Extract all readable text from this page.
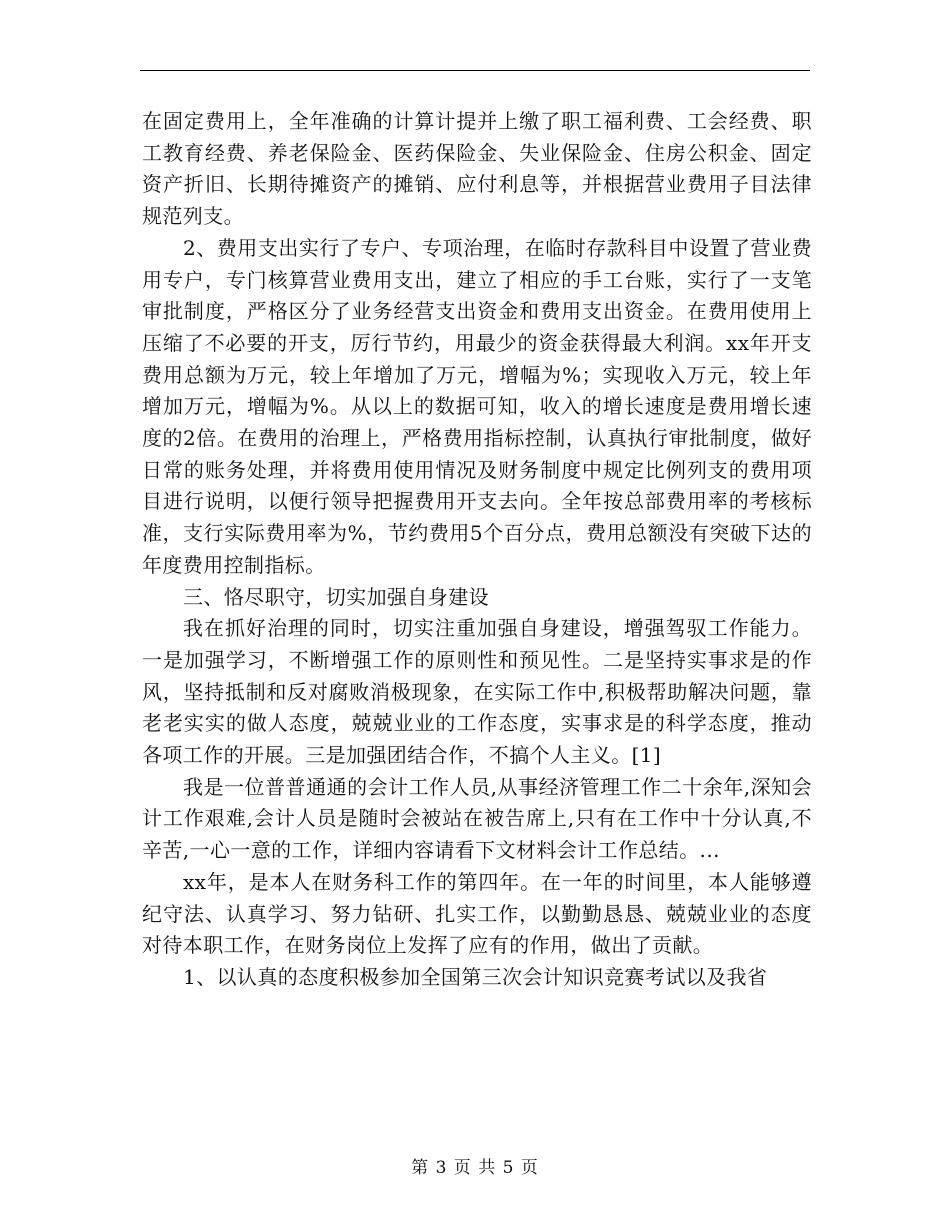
在固定费用上，全年准确的计算计提并上缴了职工福利费、工会经费、职工教育经费、养老保险金、医药保险金、失业保险金、住房公积金、固定资产折旧、长期待摊资产的摊销、应付利息等，并根据营业费用子目法律规范列支。

2、费用支出实行了专户、专项治理，在临时存款科目中设置了营业费用专户，专门核算营业费用支出，建立了相应的手工台账，实行了一支笔审批制度，严格区分了业务经营支出资金和费用支出资金。在费用使用上压缩了不必要的开支，厉行节约，用最少的资金获得最大利润。xx年开支费用总额为万元，较上年增加了万元，增幅为%；实现收入万元，较上年增加万元，增幅为%。从以上的数据可知，收入的增长速度是费用增长速度的2倍。在费用的治理上，严格费用指标控制，认真执行审批制度，做好日常的账务处理，并将费用使用情况及财务制度中规定比例列支的费用项目进行说明，以便行领导把握费用开支去向。全年按总部费用率的考核标准，支行实际费用率为%，节约费用5个百分点，费用总额没有突破下达的年度费用控制指标。

三、恪尽职守，切实加强自身建设

我在抓好治理的同时，切实注重加强自身建设，增强驾驭工作能力。一是加强学习，不断增强工作的原则性和预见性。二是坚持实事求是的作风，坚持抵制和反对腐败消极现象，在实际工作中,积极帮助解决问题，靠老老实实的做人态度，兢兢业业的工作态度，实事求是的科学态度，推动各项工作的开展。三是加强团结合作，不搞个人主义。[1]

我是一位普普通通的会计工作人员,从事经济管理工作二十余年,深知会计工作艰难,会计人员是随时会被站在被告席上,只有在工作中十分认真,不辛苦,一心一意的工作，详细内容请看下文材料会计工作总结。...

xx年，是本人在财务科工作的第四年。在一年的时间里，本人能够遵纪守法、认真学习、努力钻研、扎实工作，以勤勤恳恳、兢兢业业的态度对待本职工作，在财务岗位上发挥了应有的作用，做出了贡献。

1、以认真的态度积极参加全国第三次会计知识竞赛考试以及我省

第 3 页 共 5 页
